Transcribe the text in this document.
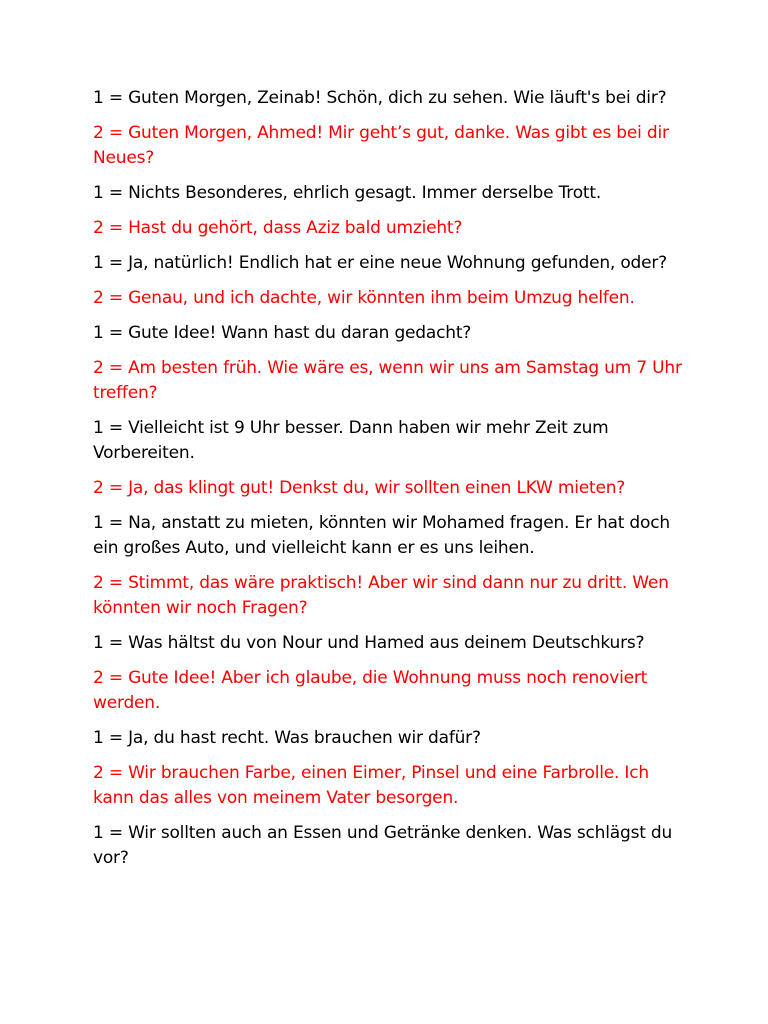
1 = Guten Morgen, Zeinab! Schön, dich zu sehen. Wie läuft's bei dir?

2 = Guten Morgen, Ahmed! Mir geht’s gut, danke. Was gibt es bei dir Neues?

1 = Nichts Besonderes, ehrlich gesagt. Immer derselbe Trott.

2 = Hast du gehört, dass Aziz bald umzieht?

1 = Ja, natürlich! Endlich hat er eine neue Wohnung gefunden, oder?

2 = Genau, und ich dachte, wir könnten ihm beim Umzug helfen.

1 = Gute Idee! Wann hast du daran gedacht?

2 = Am besten früh. Wie wäre es, wenn wir uns am Samstag um 7 Uhr treffen?

1 = Vielleicht ist 9 Uhr besser. Dann haben wir mehr Zeit zum Vorbereiten.

2 = Ja, das klingt gut! Denkst du, wir sollten einen LKW mieten?

1 = Na, anstatt zu mieten, könnten wir Mohamed fragen. Er hat doch ein großes Auto, und vielleicht kann er es uns leihen.

2 = Stimmt, das wäre praktisch! Aber wir sind dann nur zu dritt. Wen könnten wir noch Fragen?

1 = Was hältst du von Nour und Hamed aus deinem Deutschkurs?

2 = Gute Idee! Aber ich glaube, die Wohnung muss noch renoviert werden.

1 = Ja, du hast recht. Was brauchen wir dafür?

2 = Wir brauchen Farbe, einen Eimer, Pinsel und eine Farbrolle. Ich kann das alles von meinem Vater besorgen.

1 = Wir sollten auch an Essen und Getränke denken. Was schlägst du vor?
